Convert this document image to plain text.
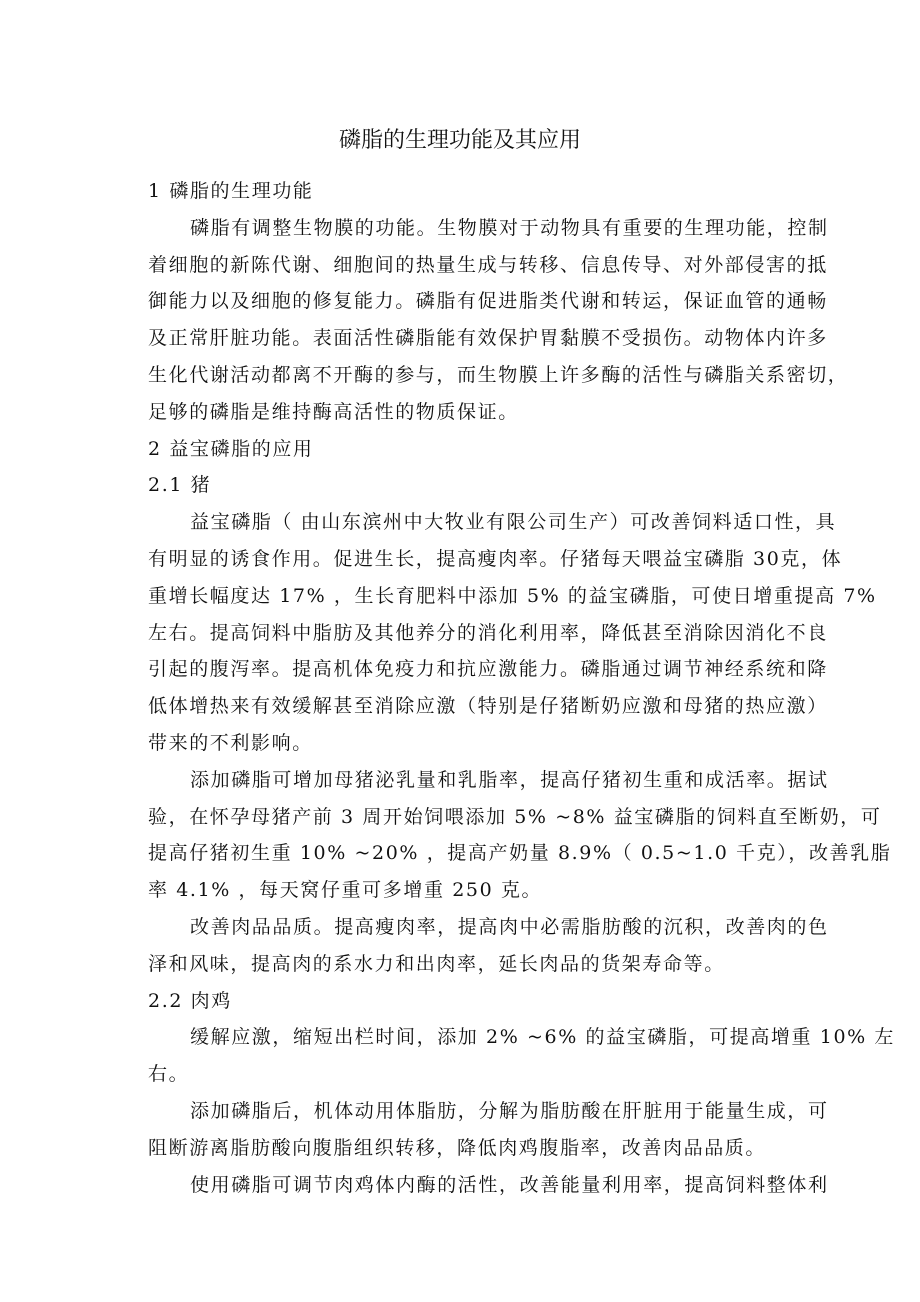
磷脂的生理功能及其应用
1 磷脂的生理功能
磷脂有调整生物膜的功能。生物膜对于动物具有重要的生理功能，控制
着细胞的新陈代谢、细胞间的热量生成与转移、信息传导、对外部侵害的抵
御能力以及细胞的修复能力。磷脂有促进脂类代谢和转运，保证血管的通畅
及正常肝脏功能。表面活性磷脂能有效保护胃黏膜不受损伤。动物体内许多
生化代谢活动都离不开酶的参与，而生物膜上许多酶的活性与磷脂关系密切，
足够的磷脂是维持酶高活性的物质保证。
2 益宝磷脂的应用
2.1 猪
益宝磷脂（ 由山东滨州中大牧业有限公司生产）可改善饲料适口性，具
有明显的诱食作用。促进生长，提高瘦肉率。仔猪每天喂益宝磷脂 30克，体
重增长幅度达 17% ，生长育肥料中添加 5% 的益宝磷脂，可使日增重提高 7%
左右。提高饲料中脂肪及其他养分的消化利用率，降低甚至消除因消化不良
引起的腹泻率。提高机体免疫力和抗应激能力。磷脂通过调节神经系统和降
低体增热来有效缓解甚至消除应激（特别是仔猪断奶应激和母猪的热应激）
带来的不利影响。
添加磷脂可增加母猪泌乳量和乳脂率，提高仔猪初生重和成活率。据试
验，在怀孕母猪产前 3 周开始饲喂添加 5% ~8% 益宝磷脂的饲料直至断奶，可
提高仔猪初生重 10% ~20% ，提高产奶量 8.9%（ 0.5~1.0 千克），改善乳脂
率 4.1% ，每天窝仔重可多增重 250 克。
改善肉品品质。提高瘦肉率，提高肉中必需脂肪酸的沉积，改善肉的色
泽和风味，提高肉的系水力和出肉率，延长肉品的货架寿命等。
2.2 肉鸡
缓解应激，缩短出栏时间，添加 2% ~6% 的益宝磷脂，可提高增重 10% 左
右。
添加磷脂后，机体动用体脂肪，分解为脂肪酸在肝脏用于能量生成，可
阻断游离脂肪酸向腹脂组织转移，降低肉鸡腹脂率，改善肉品品质。
使用磷脂可调节肉鸡体内酶的活性，改善能量利用率，提高饲料整体利
